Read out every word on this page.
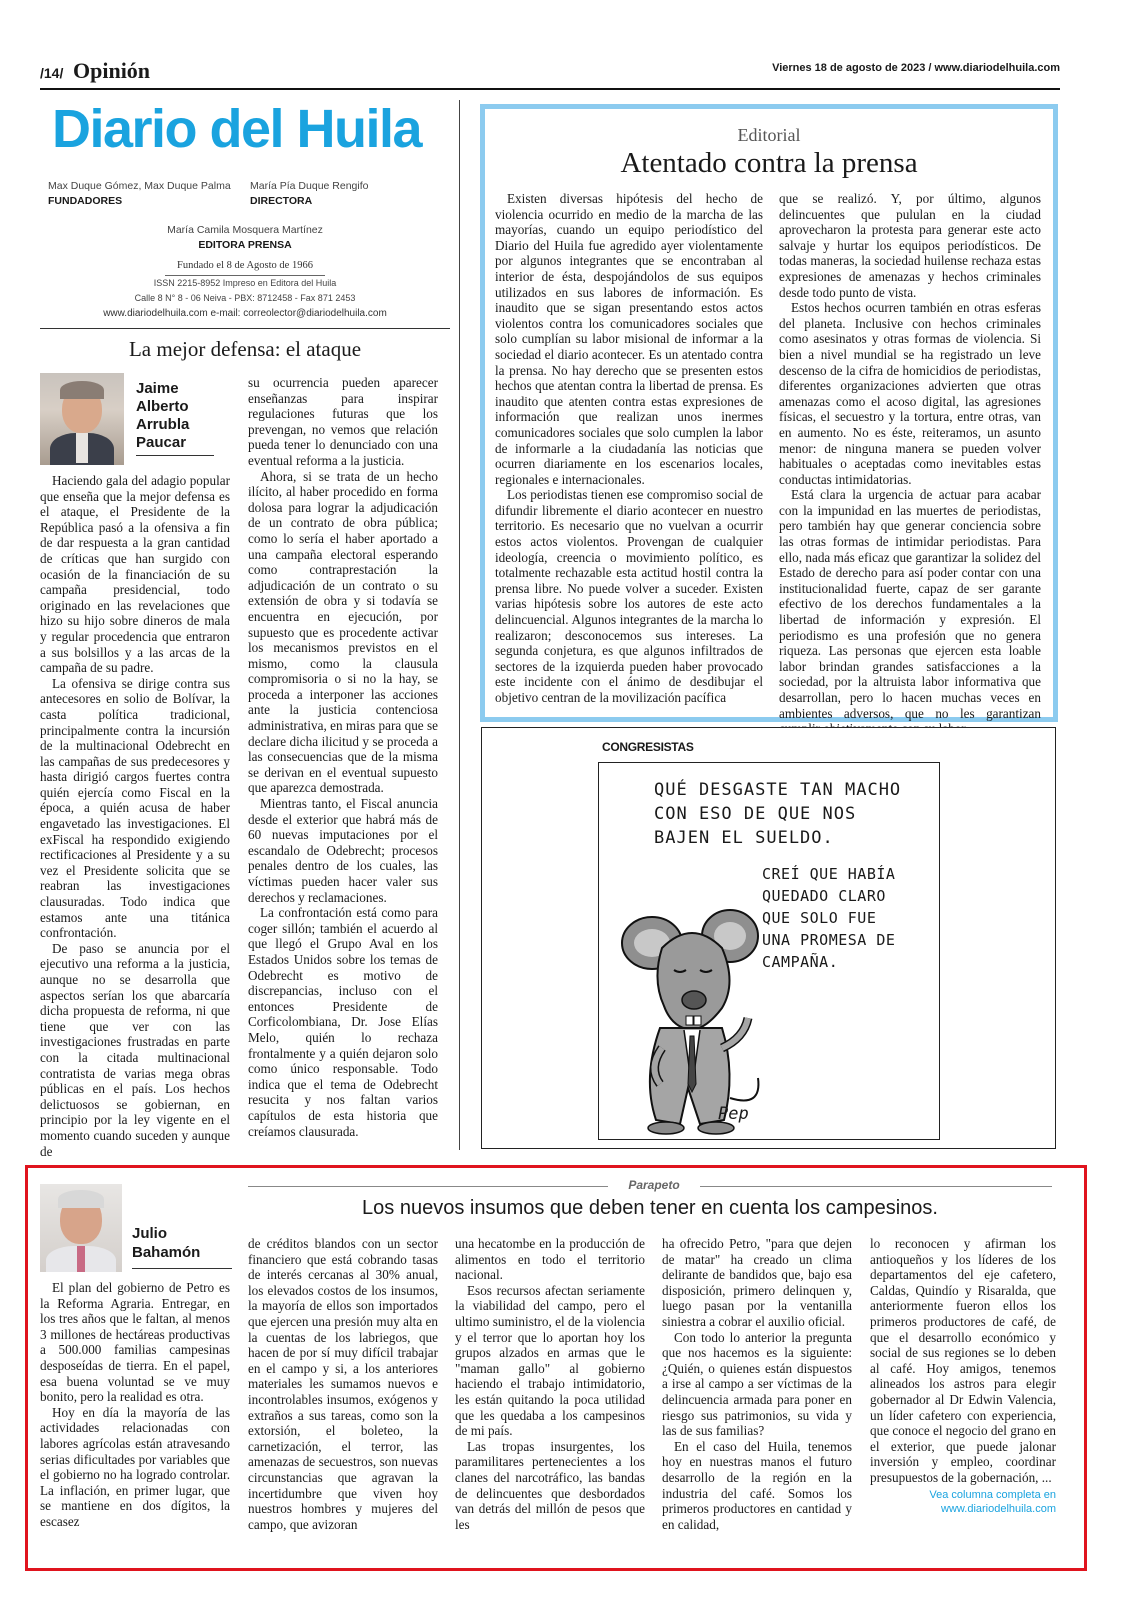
/14/ Opinión	Viernes 18 de agosto de 2023 / www.diariodelhuila.com
Diario del Huila
Max Duque Gómez, Max Duque Palma
FUNDADORES
María Pía Duque Rengifo
DIRECTORA
María Camila Mosquera Martínez
EDITORA PRENSA
Fundado el 8 de Agosto de 1966
ISSN 2215-8952 Impreso en Editora del Huila
Calle 8 N° 8 - 06 Neiva - PBX: 8712458 - Fax 871 2453
www.diariodelhuila.com e-mail: correolector@diariodelhuila.com
La mejor defensa: el ataque
Jaime
Alberto
Arrubla
Paucar

Haciendo gala del adagio popular que enseña que la mejor defensa es el ataque, el Presidente de la República pasó a la ofensiva a fin de dar respuesta a la gran cantidad de críticas que han surgido con ocasión de la financiación de su campaña presidencial, todo originado en las revelaciones que hizo su hijo sobre dineros de mala y regular procedencia que entraron a sus bolsillos y a las arcas de la campaña de su padre.

La ofensiva se dirige contra sus antecesores en solio de Bolívar, la casta política tradicional, principalmente contra la incursión de la multinacional Odebrecht en las campañas de sus predecesores y hasta dirigió cargos fuertes contra quién ejercía como Fiscal en la época, a quién acusa de haber engavetado las investigaciones. El exFiscal ha respondido exigiendo rectificaciones al Presidente y a su vez el Presidente solicita que se reabran las investigaciones clausuradas. Todo indica que estamos ante una titánica confrontación.

De paso se anuncia por el ejecutivo una reforma a la justicia, aunque no se desarrolla que aspectos serían los que abarcaría dicha propuesta de reforma, ni que tiene que ver con las investigaciones frustradas en parte con la citada multinacional contratista de varias mega obras públicas en el país. Los hechos delictuosos se gobiernan, en principio por la ley vigente en el momento cuando suceden y aunque de

su ocurrencia pueden aparecer enseñanzas para inspirar regulaciones futuras que los prevengan, no vemos que relación pueda tener lo denunciado con una eventual reforma a la justicia.

Ahora, si se trata de un hecho ilícito, al haber procedido en forma dolosa para lograr la adjudicación de un contrato de obra pública; como lo sería el haber aportado a una campaña electoral esperando como contraprestación la adjudicación de un contrato o su extensión de obra y si todavía se encuentra en ejecución, por supuesto que es procedente activar los mecanismos previstos en el mismo, como la clausula compromisoria o si no la hay, se proceda a interponer las acciones ante la justicia contenciosa administrativa, en miras para que se declare dicha ilicitud y se proceda a las consecuencias que de la misma se derivan en el eventual supuesto que aparezca demostrada.

Mientras tanto, el Fiscal anuncia desde el exterior que habrá más de 60 nuevas imputaciones por el escandalo de Odebrecht; procesos penales dentro de los cuales, las víctimas pueden hacer valer sus derechos y reclamaciones.

La confrontación está como para coger sillón; también el acuerdo al que llegó el Grupo Aval en los Estados Unidos sobre los temas de Odebrecht es motivo de discrepancias, incluso con el entonces Presidente de Corficolombiana, Dr. Jose Elías Melo, quién lo rechaza frontalmente y a quién dejaron solo como único responsable. Todo indica que el tema de Odebrecht resucita y nos faltan varios capítulos de esta historia que creíamos clausurada.

Editorial
Atentado contra la prensa

Existen diversas hipótesis del hecho de violencia ocurrido en medio de la marcha de las mayorías, cuando un equipo periodístico del Diario del Huila fue agredido ayer violentamente por algunos integrantes que se encontraban al interior de ésta, despojándolos de sus equipos utilizados en sus labores de información. Es inaudito que se sigan presentando estos actos violentos contra los comunicadores sociales que solo cumplían su labor misional de informar a la sociedad el diario acontecer. Es un atentado contra la prensa. No hay derecho que se presenten estos hechos que atentan contra la libertad de prensa. Es inaudito que atenten contra estas expresiones de información que realizan unos inermes comunicadores sociales que solo cumplen la labor de informarle a la ciudadanía las noticias que ocurren diariamente en los escenarios locales, regionales e internacionales.

Los periodistas tienen ese compromiso social de difundir libremente el diario acontecer en nuestro territorio. Es necesario que no vuelvan a ocurrir estos actos violentos. Provengan de cualquier ideología, creencia o movimiento político, es totalmente rechazable esta actitud hostil contra la prensa libre. No puede volver a suceder. Existen varias hipótesis sobre los autores de este acto delincuencial. Algunos integrantes de la marcha lo realizaron; desconocemos sus intereses. La segunda conjetura, es que algunos infiltrados de sectores de la izquierda pueden haber provocado este incidente con el ánimo de desdibujar el objetivo centran de la movilización pacífica

que se realizó. Y, por último, algunos delincuentes que pululan en la ciudad aprovecharon la protesta para generar este acto salvaje y hurtar los equipos periodísticos. De todas maneras, la sociedad huilense rechaza estas expresiones de amenazas y hechos criminales desde todo punto de vista.

Estos hechos ocurren también en otras esferas del planeta. Inclusive con hechos criminales como asesinatos y otras formas de violencia. Si bien a nivel mundial se ha registrado un leve descenso de la cifra de homicidios de periodistas, diferentes organizaciones advierten que otras amenazas como el acoso digital, las agresiones físicas, el secuestro y la tortura, entre otras, van en aumento. No es éste, reiteramos, un asunto menor: de ninguna manera se pueden volver habituales o aceptadas como inevitables estas conductas intimidatorias.

Está clara la urgencia de actuar para acabar con la impunidad en las muertes de periodistas, pero también hay que generar conciencia sobre las otras formas de intimidar periodistas. Para ello, nada más eficaz que garantizar la solidez del Estado de derecho para así poder contar con una institucionalidad fuerte, capaz de ser garante efectivo de los derechos fundamentales a la libertad de información y expresión. El periodismo es una profesión que no genera riqueza. Las personas que ejercen esta loable labor brindan grandes satisfacciones a la sociedad, por la altruista labor informativa que desarrollan, pero lo hacen muchas veces en ambientes adversos, que no les garantizan

CONGRESISTAS
QUÉ DESGASTE TAN MACHO CON ESO DE QUE NOS BAJEN EL SUELDO.
CREÍ QUE HABÍA QUEDADO CLARO QUE SOLO FUE UNA PROMESA DE CAMPAÑA.
Pep
Parapeto
Los nuevos insumos que deben tener en cuenta los campesinos.
Julio
Bahamón

El plan del gobierno de Petro es la Reforma Agraria. Entregar, en los tres años que le faltan, al menos 3 millones de hectáreas productivas a 500.000 familias campesinas desposeídas de tierra. En el papel, esa buena voluntad se ve muy bonito, pero la realidad es otra.

Hoy en día la mayoría de las actividades relacionadas con labores agrícolas están atravesando serias dificultades por variables que el gobierno no ha logrado controlar. La inflación, en primer lugar, que se mantiene en dos dígitos, la escasez

de créditos blandos con un sector financiero que está cobrando tasas de interés cercanas al 30% anual, los elevados costos de los insumos, la mayoría de ellos son importados que ejercen una presión muy alta en la cuentas de los labriegos, que hacen de por sí muy difícil trabajar en el campo y si, a los anteriores materiales les sumamos nuevos e incontrolables insumos, exógenos y extraños a sus tareas, como son la extorsión, el boleteo, la carnetización, el terror, las amenazas de secuestros, son nuevas circunstancias que agravan la incertidumbre que viven hoy nuestros hombres y mujeres del campo, que avizoran

una hecatombe en la producción de alimentos en todo el territorio nacional.

Esos recursos afectan seriamente la viabilidad del campo, pero el ultimo suministro, el de la violencia y el terror que lo aportan hoy los grupos alzados en armas que le "maman gallo" al gobierno haciendo el trabajo intimidatorio, les están quitando la poca utilidad que les quedaba a los campesinos de mi país.

Las tropas insurgentes, los paramilitares pertenecientes a los clanes del narcotráfico, las bandas de delincuentes que desbordados van detrás del millón de pesos que les

ha ofrecido Petro, "para que dejen de matar" ha creado un clima delirante de bandidos que, bajo esa disposición, primero delinquen y, luego pasan por la ventanilla siniestra a cobrar el auxilio oficial.

Con todo lo anterior la pregunta que nos hacemos es la siguiente: ¿Quién, o quienes están dispuestos a irse al campo a ser víctimas de la delincuencia armada para poner en riesgo sus patrimonios, su vida y las de sus familias?

En el caso del Huila, tenemos hoy en nuestras manos el futuro desarrollo de la región en la industria del café. Somos los primeros productores en cantidad y en calidad,

lo reconocen y afirman los antioqueños y los líderes de los departamentos del eje cafetero, Caldas, Quindío y Risaralda, que anteriormente fueron ellos los primeros productores de café, de que el desarrollo económico y social de sus regiones se lo deben al café. Hoy amigos, tenemos alineados los astros para elegir gobernador al Dr Edwin Valencia, un líder cafetero con experiencia, que conoce el negocio del grano en el exterior, que puede jalonar inversión y empleo, coordinar presupuestos de la gobernación, ...

Vea columna completa en
www.diariodelhuila.com
